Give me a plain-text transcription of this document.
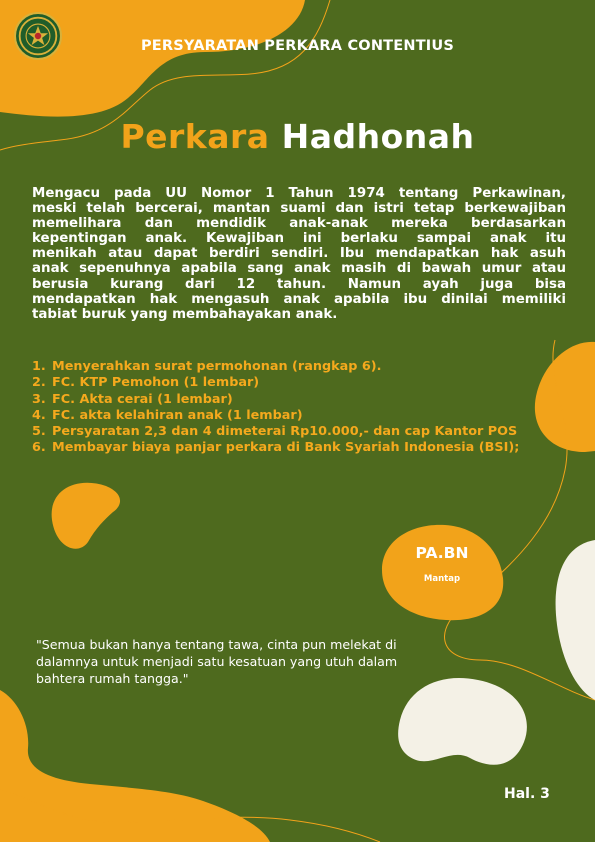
PERSYARATAN PERKARA CONTENTIUS
Perkara Hadhonah
Mengacu pada UU Nomor 1 Tahun 1974 tentang Perkawinan,
meski telah bercerai, mantan suami dan istri tetap berkewajiban
memelihara dan mendidik anak-anak mereka berdasarkan
kepentingan anak. Kewajiban ini berlaku sampai anak itu
menikah atau dapat berdiri sendiri. Ibu mendapatkan hak asuh
anak sepenuhnya apabila sang anak masih di bawah umur atau
berusia kurang dari 12 tahun. Namun ayah juga bisa
mendapatkan hak mengasuh anak apabila ibu dinilai memiliki
tabiat buruk yang membahayakan anak.
1. Menyerahkan surat permohonan (rangkap 6).
2. FC. KTP Pemohon (1 lembar)
3. FC. Akta cerai (1 lembar)
4. FC. akta kelahiran anak (1 lembar)
5. Persyaratan 2,3 dan 4 dimeterai Rp10.000,- dan cap Kantor POS
6. Membayar biaya panjar perkara di Bank Syariah Indonesia (BSI);
PA.BN
Mantap
"Semua bukan hanya tentang tawa, cinta pun melekat di
dalamnya untuk menjadi satu kesatuan yang utuh dalam
bahtera rumah tangga."
Hal. 3
